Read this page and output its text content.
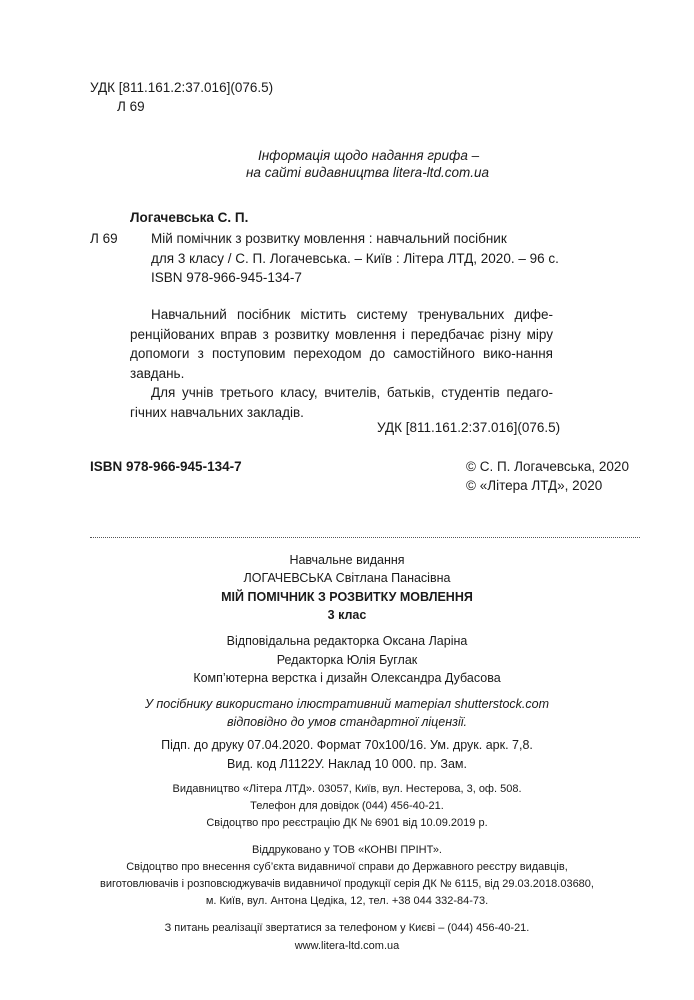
УДК [811.161.2:37.016](076.5)
Л 69
Інформація щодо надання грифа –
на сайті видавництва litera-ltd.com.ua
Логачевська С. П.
Л 69 Мій помічник з розвитку мовлення : навчальний посібник
для 3 класу / С. П. Логачевська. – Київ : Літера ЛТД, 2020. – 96 с.
ISBN 978-966-945-134-7
Навчальний посібник містить систему тренувальних дифе-ренційованих вправ з розвитку мовлення і передбачає різну міру допомоги з поступовим переходом до самостійного вико-нання завдань.
Для учнів третього класу, вчителів, батьків, студентів педаго-гічних навчальних закладів.
УДК [811.161.2:37.016](076.5)
ISBN 978-966-945-134-7	© С. П. Логачевська, 2020
© «Літера ЛТД», 2020
Навчальне видання
ЛОГАЧЕВСЬКА Світлана Панасівна
МІЙ ПОМІЧНИК З РОЗВИТКУ МОВЛЕННЯ
3 клас
Відповідальна редакторка Оксана Ларіна
Редакторка Юлія Буглак
Комп’ютерна верстка і дизайн Олександра Дубасова
У посібнику використано ілюстративний матеріал shutterstock.com
відповідно до умов стандартної ліцензії.
Підп. до друку 07.04.2020. Формат 70х100/16. Ум. друк. арк. 7,8.
Вид. код Л1122У. Наклад 10 000. пр. Зам.
Видавництво «Літера ЛТД». 03057, Київ, вул. Нестерова, 3, оф. 508.
Телефон для довідок (044) 456-40-21.
Свідоцтво про реєстрацію ДК № 6901 від 10.09.2019 р.
Віддруковано у ТОВ «КОНВІ ПРІНТ».
Свідоцтво про внесення суб’єкта видавничої справи до Державного реєстру видавців,
виготовлювачів і розповсюджувачів видавничої продукції серія ДК № 6115, від 29.03.2018.03680,
м. Київ, вул. Антона Цедіка, 12, тел. +38 044 332-84-73.
З питань реалізації звертатися за телефоном у Києві – (044) 456-40-21.
www.litera-ltd.com.ua
